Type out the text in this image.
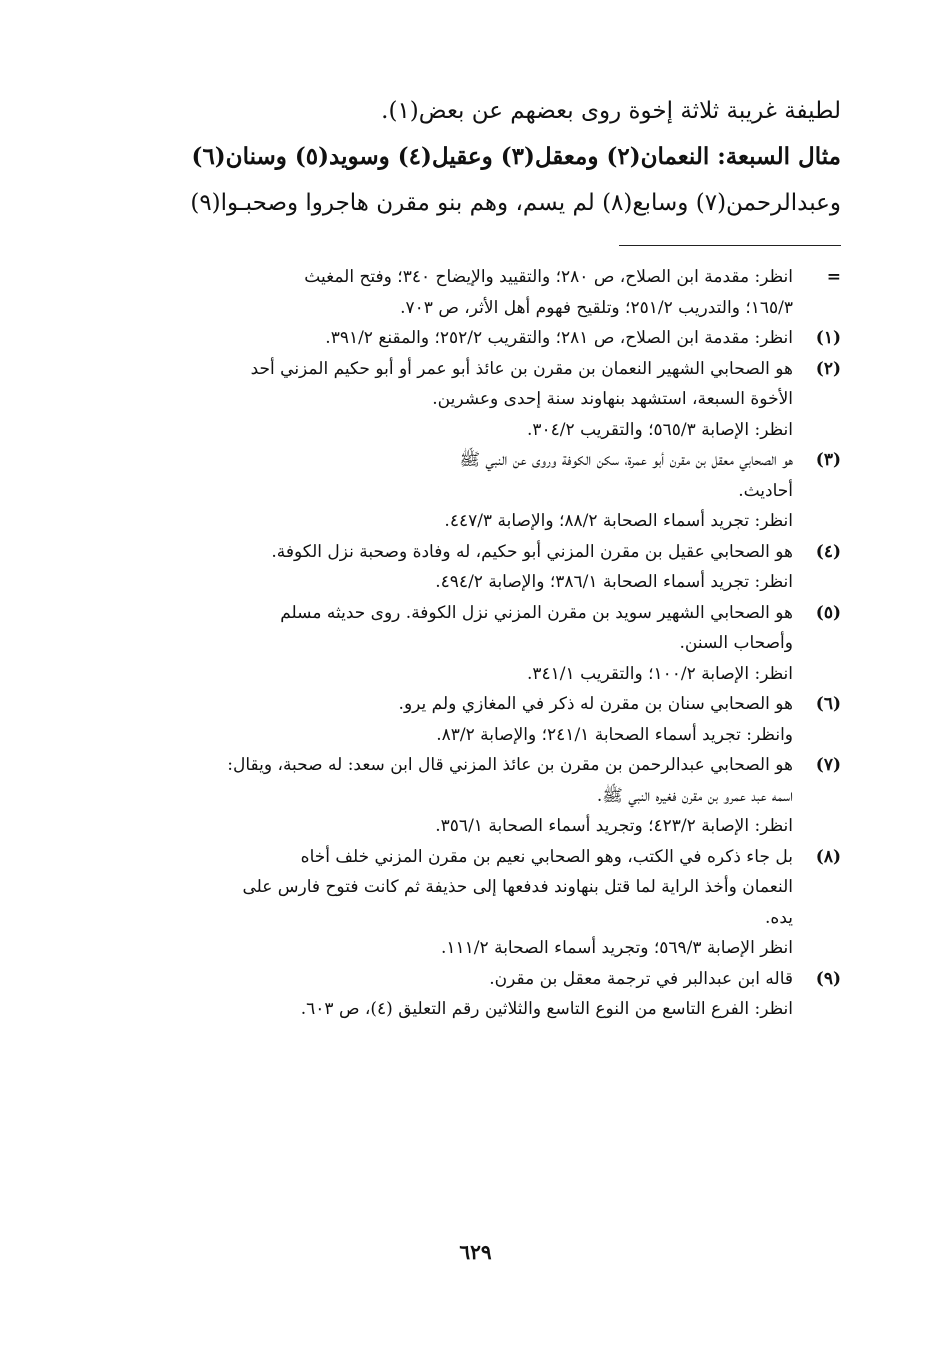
لطيفة غريبة ثلاثة إخوة روى بعضهم عن بعض(١).
مثال السبعة: النعمان(٢) ومعقل(٣) وعقيل(٤) وسويد(٥) وسنان(٦)
وعبدالرحمن(٧) وسابع(٨) لم يسم، وهم بنو مقرن هاجروا وصحبـوا(٩)
=
انظر: مقدمة ابن الصلاح، ص ٢٨٠؛ والتقييد والإيضاح ٣٤٠؛ وفتح المغيث
١٦٥/٣؛ والتدريب ٢٥١/٢؛ وتلقيح فهوم أهل الأثر، ص ٧٠٣.
(١)
انظر: مقدمة ابن الصلاح، ص ٢٨١؛ والتقريب ٢٥٢/٢؛ والمقنع ٣٩١/٢.
(٢)
هو الصحابي الشهير النعمان بن مقرن بن عائذ أبو عمر أو أبو حكيم المزني أحد
الأخوة السبعة، استشهد بنهاوند سنة إحدى وعشرين.
انظر: الإصابة ٥٦٥/٣؛ والتقريب ٣٠٤/٢.
(٣)
هو الصحابي معقل بن مقرن أبو عمرة، سكن الكوفة وروى عن النبي ﷺ
أحاديث.
انظر: تجريد أسماء الصحابة ٨٨/٢؛ والإصابة ٤٤٧/٣.
(٤)
هو الصحابي عقيل بن مقرن المزني أبو حكيم، له وفادة وصحبة نزل الكوفة.
انظر: تجريد أسماء الصحابة ٣٨٦/١؛ والإصابة ٤٩٤/٢.
(٥)
هو الصحابي الشهير سويد بن مقرن المزني نزل الكوفة. روى حديثه مسلم
وأصحاب السنن.
انظر: الإصابة ١٠٠/٢؛ والتقريب ٣٤١/١.
(٦)
هو الصحابي سنان بن مقرن له ذكر في المغازي ولم يرو.
وانظر: تجريد أسماء الصحابة ٢٤١/١؛ والإصابة ٨٣/٢.
(٧)
هو الصحابي عبدالرحمن بن مقرن بن عائذ المزني قال ابن سعد: له صحبة، ويقال:
اسمه عبد عمرو بن مقرن فغيره النبي ﷺ.
انظر: الإصابة ٤٢٣/٢؛ وتجريد أسماء الصحابة ٣٥٦/١.
(٨)
بل جاء ذكره في الكتب، وهو الصحابي نعيم بن مقرن المزني خلف أخاه
النعمان وأخذ الراية لما قتل بنهاوند فدفعها إلى حذيفة ثم كانت فتوح فارس على
يده.
انظر الإصابة ٥٦٩/٣؛ وتجريد أسماء الصحابة ١١١/٢.
(٩)
قاله ابن عبدالبر في ترجمة معقل بن مقرن.
انظر: الفرع التاسع من النوع التاسع والثلاثين رقم التعليق (٤)، ص ٦٠٣.
٦٢٩
